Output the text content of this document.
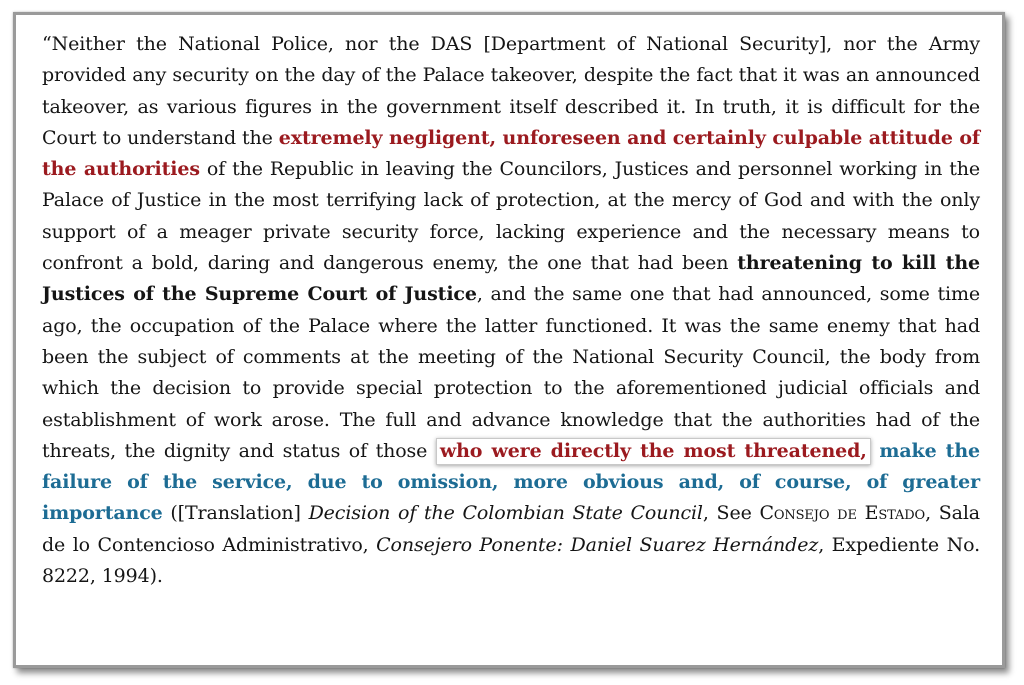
“Neither the National Police, nor the DAS [Department of National Security], nor the Army provided any security on the day of the Palace takeover, despite the fact that it was an announced takeover, as various figures in the government itself described it. In truth, it is difficult for the Court to understand the extremely negligent, unforeseen and certainly culpable attitude of the authorities of the Republic in leaving the Councilors, Justices and personnel working in the Palace of Justice in the most terrifying lack of protection, at the mercy of God and with the only support of a meager private security force, lacking experience and the necessary means to confront a bold, daring and dangerous enemy, the one that had been threatening to kill the Justices of the Supreme Court of Justice, and the same one that had announced, some time ago, the occupation of the Palace where the latter functioned. It was the same enemy that had been the subject of comments at the meeting of the National Security Council, the body from which the decision to provide special protection to the aforementioned judicial officials and establishment of work arose. The full and advance knowledge that the authorities had of the threats, the dignity and status of those who were directly the most threatened, make the failure of the service, due to omission, more obvious and, of course, of greater importance ([Translation] Decision of the Colombian State Council, See Consejo de Estado, Sala de lo Contencioso Administrativo, Consejero Ponente: Daniel Suarez Hernández, Expediente No. 8222, 1994).
